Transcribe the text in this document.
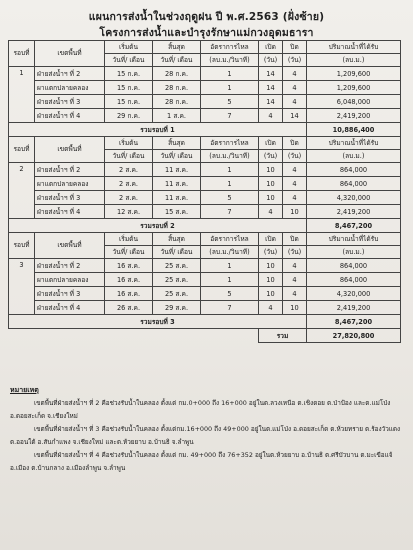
แผนการส่งน้ำในช่วงฤดูฝน ปี พ.ศ.2563 (ฝั่งซ้าย)
โครงการส่งน้ำและบำรุงรักษาแม่กวงอุดมธารา
รอบที่	เขตพื้นที่	เริ่มต้น	สิ้นสุด	อัตราการไหล	เปิด	ปิด	ปริมาณน้ำที่ได้รับ
		วันที่/ เดือน	วันที่/ เดือน	(ลบ.ม./วินาที)	(วัน)	(วัน)	(ลบ.ม.)
1	ฝ่ายส่งน้ำฯ ที่ 2	15 ก.ค.	28 ก.ค.	1	14	4	1,209,600
	ผาแตกปลายคลอง	15 ก.ค.	28 ก.ค.	1	14	4	1,209,600
	ฝ่ายส่งน้ำฯ ที่ 3	15 ก.ค.	28 ก.ค.	5	14	4	6,048,000
	ฝ่ายส่งน้ำฯ ที่ 4	29 ก.ค.	1 ส.ค.	7	4	14	2,419,200
รวมรอบที่ 1							10,886,400
รอบที่	เขตพื้นที่	เริ่มต้น	สิ้นสุด	อัตราการไหล	เปิด	ปิด	ปริมาณน้ำที่ได้รับ
		วันที่/ เดือน	วันที่/ เดือน	(ลบ.ม./วินาที)	(วัน)	(วัน)	(ลบ.ม.)
2	ฝ่ายส่งน้ำฯ ที่ 2	2 ส.ค.	11 ส.ค.	1	10	4	864,000
	ผาแตกปลายคลอง	2 ส.ค.	11 ส.ค.	1	10	4	864,000
	ฝ่ายส่งน้ำฯ ที่ 3	2 ส.ค.	11 ส.ค.	5	10	4	4,320,000
	ฝ่ายส่งน้ำฯ ที่ 4	12 ส.ค.	15 ส.ค.	7	4	10	2,419,200
รวมรอบที่ 2							8,467,200
รอบที่	เขตพื้นที่	เริ่มต้น	สิ้นสุด	อัตราการไหล	เปิด	ปิด	ปริมาณน้ำที่ได้รับ
		วันที่/ เดือน	วันที่/ เดือน	(ลบ.ม./วินาที)	(วัน)	(วัน)	(ลบ.ม.)
3	ฝ่ายส่งน้ำฯ ที่ 2	16 ส.ค.	25 ส.ค.	1	10	4	864,000
	ผาแตกปลายคลอง	16 ส.ค.	25 ส.ค.	1	10	4	864,000
	ฝ่ายส่งน้ำฯ ที่ 3	16 ส.ค.	25 ส.ค.	5	10	4	4,320,000
	ฝ่ายส่งน้ำฯ ที่ 4	26 ส.ค.	29 ส.ค.	7	4	10	2,419,200
รวมรอบที่ 3							8,467,200
					รวม		27,820,800
หมายเหตุ
เขตพื้นที่ฝ่ายส่งน้ำฯ ที่ 2 คือช่วงรับน้ำในคลอง ตั้งแต่ กม.0+000 ถึง 16+000 อยู่ในต.ลวงเหนือ ต.เชิงดอย ต.ป่าป้อง และต.แม่โป่ง อ.ดอยสะเก็ด จ.เชียงใหม่
เขตพื้นที่ฝ่ายส่งน้ำฯ ที่ 3 คือช่วงรับน้ำในคลอง ตั้งแต่กม.16+000 ถึง 49+000 อยู่ในต.แม่โป่ง อ.ดอยสะเก็ด ต.ห้วยทราย ต.ร้องวัวแดง ต.ออนใต้ อ.สันกำแพง จ.เชียงใหม่ และต.ห้วยยาบ อ.บ้านธิ จ.ลำพูน
เขตพื้นที่ฝ่ายส่งน้ำฯ ที่ 4 คือช่วงรับน้ำในคลอง ตั้งแต่ กม. 49+000 ถึง 76+352 อยู่ในต.ห้วยยาบ อ.บ้านธิ ต.ศรีบัวบาน ต.มะเขือแจ้ อ.เมือง ต.บ้านกลาง อ.เมืองลำพูน จ.ลำพูน
